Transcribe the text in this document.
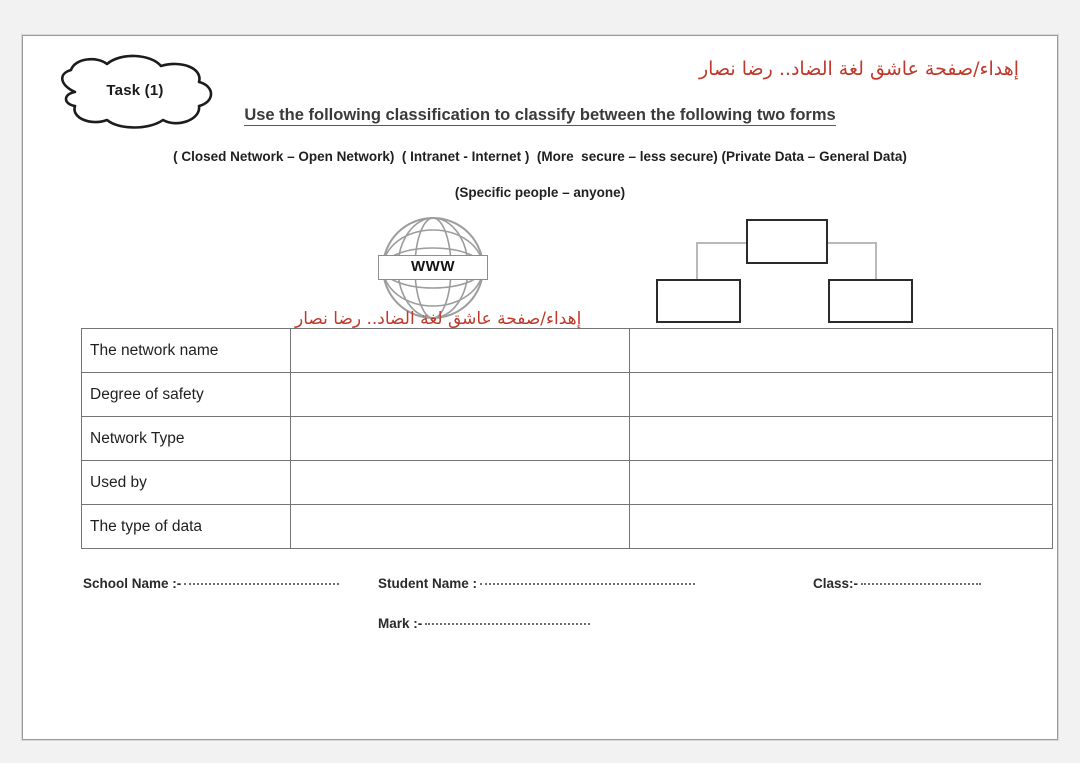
إهداء/صفحة عاشق لغة الضاد.. رضا نصار
Task (1)
Use the following classification to classify between the following two forms
( Closed Network – Open Network)  ( Intranet - Internet )  (More  secure – less secure) (Private Data – General Data)
(Specific people – anyone)
WWW
إهداء/صفحة عاشق لغة الضاد.. رضا نصار
The network name		
Degree of safety		
Network Type		
Used by		
The type of data		
School Name :-	Student Name :	Class:-
Mark :-
